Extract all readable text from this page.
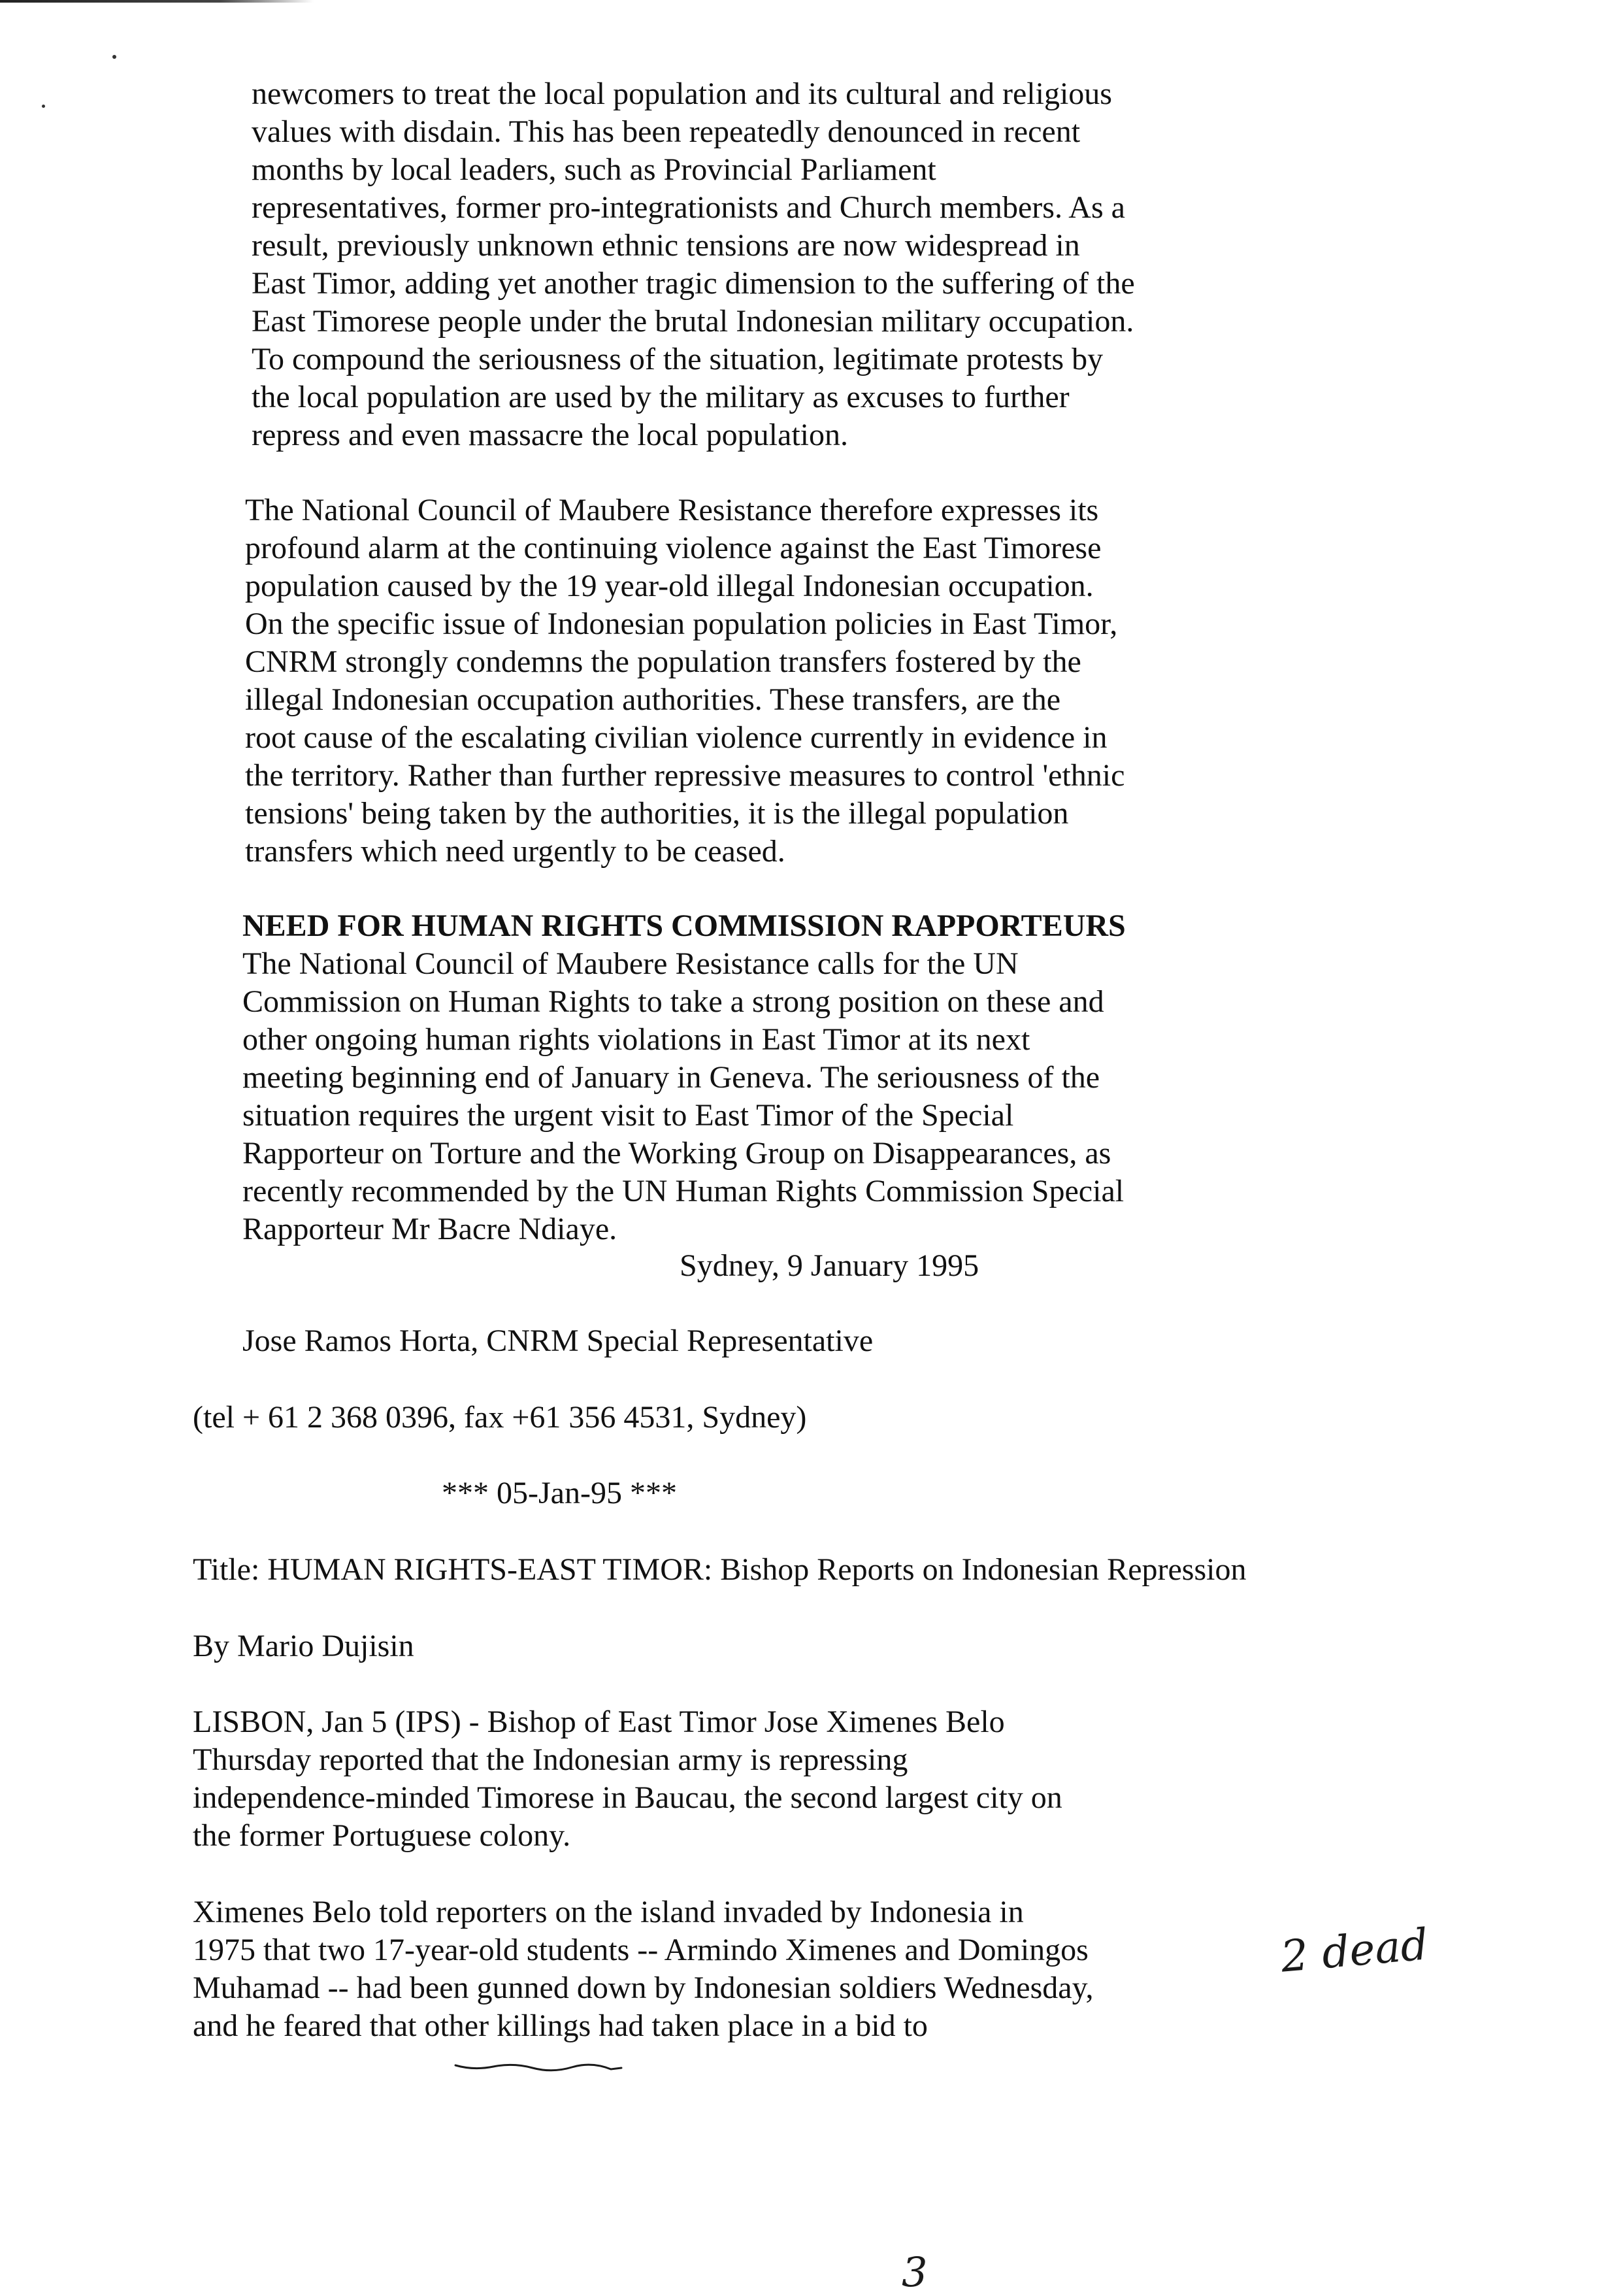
newcomers to treat the local population and its cultural and religious
values with disdain. This has been repeatedly denounced in recent
months by local leaders, such as Provincial Parliament
representatives, former pro-integrationists and Church members. As a
result, previously unknown ethnic tensions are now widespread in
East Timor, adding yet another tragic dimension to the suffering of the
East Timorese people under the brutal Indonesian military occupation.
To compound the seriousness of the situation, legitimate protests by
the local population are used by the military as excuses to further
repress and even massacre the local population.
The National Council of Maubere Resistance therefore expresses its
profound alarm at the continuing violence against the East Timorese
population caused by the 19 year-old illegal Indonesian occupation.
On the specific issue of Indonesian population policies in East Timor,
CNRM strongly condemns the population transfers fostered by the
illegal Indonesian occupation authorities. These transfers, are the
root cause of the escalating civilian violence currently in evidence in
the territory. Rather than further repressive measures to control 'ethnic
tensions' being taken by the authorities, it is the illegal population
transfers which need urgently to be ceased.
NEED FOR HUMAN RIGHTS COMMISSION RAPPORTEURS
The National Council of Maubere Resistance calls for the UN
Commission on Human Rights to take a strong position on these and
other ongoing human rights violations in East Timor at its next
meeting beginning end of January in Geneva. The seriousness of the
situation requires the urgent visit to East Timor of the Special
Rapporteur on Torture and the Working Group on Disappearances, as
recently recommended by the UN Human Rights Commission Special
Rapporteur Mr Bacre Ndiaye.
Sydney, 9 January 1995
Jose Ramos Horta, CNRM Special Representative
(tel + 61 2 368 0396, fax +61 356 4531, Sydney)
*** 05-Jan-95 ***
Title: HUMAN RIGHTS-EAST TIMOR: Bishop Reports on Indonesian Repression
By Mario Dujisin
LISBON, Jan 5 (IPS) - Bishop of East Timor Jose Ximenes Belo
Thursday reported that the Indonesian army is repressing
independence-minded Timorese in Baucau, the second largest city on
the former Portuguese colony.
Ximenes Belo told reporters on the island invaded by Indonesia in
1975 that two 17-year-old students -- Armindo Ximenes and Domingos
Muhamad -- had been gunned down by Indonesian soldiers Wednesday,
and he feared that other killings had taken place in a bid to
2 dead
3
